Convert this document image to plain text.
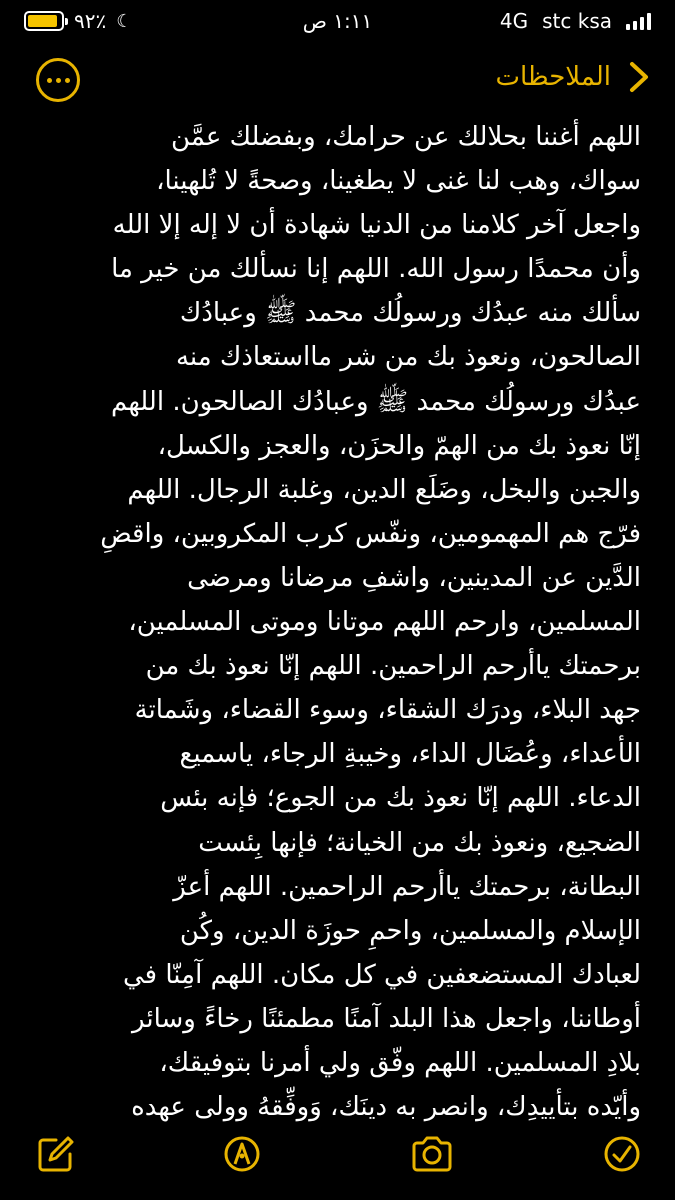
٩٢٪ ☾	١:١١ ص	4G stc ksa
الملاحظات
اللهم أغننا بحلالك عن حرامك، وبفضلك عمَّن
سواك، وهب لنا غنى لا يطغينا، وصحةً لا تُلهينا،
واجعل آخر كلامنا من الدنيا شهادة أن لا إله إلا الله
وأن محمدًا رسول الله. اللهم إنا نسألك من خير ما
سألك منه عبدُك ورسولُك محمد ﷺ وعبادُك
الصالحون، ونعوذ بك من شر مااستعاذك منه
عبدُك ورسولُك محمد ﷺ وعبادُك الصالحون. اللهم
إنّا نعوذ بك من الهمّ والحزَن، والعجز والكسل،
والجبن والبخل، وضَلَع الدين، وغلبة الرجال. اللهم
فرّج هم المهمومين، ونفّس كرب المكروبين، واقضِ
الدَّين عن المدينين، واشفِ مرضانا ومرضى
المسلمين، وارحم اللهم موتانا وموتى المسلمين،
برحمتك ياأرحم الراحمين. اللهم إنّا نعوذ بك من
جهد البلاء، ودرَك الشقاء، وسوء القضاء، وشَماتة
الأعداء، وعُضَال الداء، وخيبةِ الرجاء، ياسميع
الدعاء. اللهم إنّا نعوذ بك من الجوع؛ فإنه بئس
الضجيع، ونعوذ بك من الخيانة؛ فإنها بِئست
البطانة، برحمتك ياأرحم الراحمين. اللهم أعزّ
الإسلام والمسلمين، واحمِ حوزَة الدين، وكُن
لعبادك المستضعفين في كل مكان. اللهم آمِنّا في
أوطاننا، واجعل هذا البلد آمنًا مطمئنًا رخاءً وسائر
بلادِ المسلمين. اللهم وفّق ولي أمرنا بتوفيقك،
وأيّده بتأييدِك، وانصر به دينَك، وَوفِّقهُ وولى عهده
